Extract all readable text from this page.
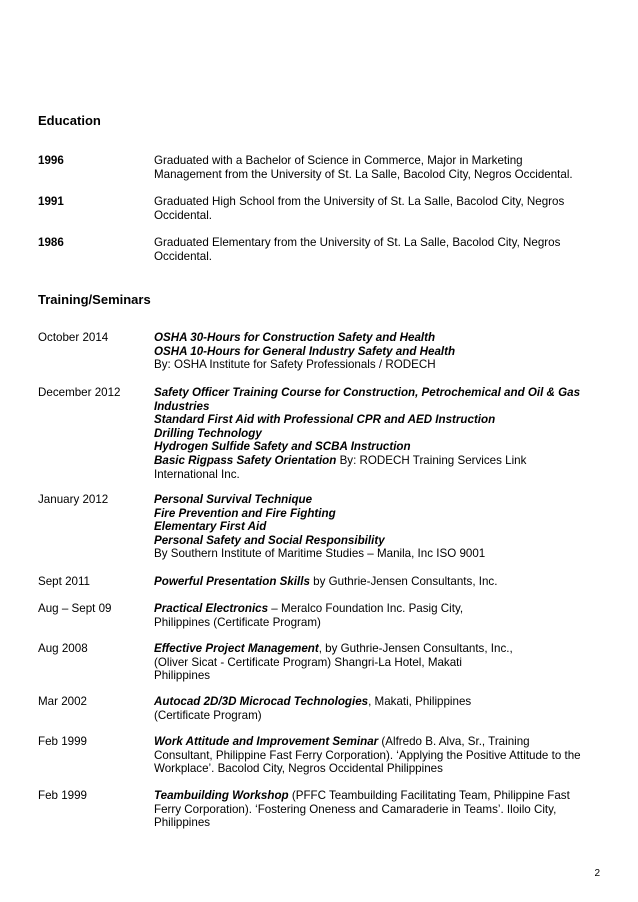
Education
1996	Graduated with a Bachelor of Science in Commerce, Major in Marketing
Management from the University of St. La Salle, Bacolod City, Negros Occidental.
1991	Graduated High School from the University of St. La Salle, Bacolod City, Negros
Occidental.
1986	Graduated Elementary from the University of St. La Salle, Bacolod City, Negros
Occidental.
Training/Seminars
October 2014	OSHA 30-Hours for Construction Safety and Health
OSHA 10-Hours for General Industry Safety and Health
By: OSHA Institute for Safety Professionals / RODECH
December 2012	Safety Officer Training Course for Construction, Petrochemical and Oil & Gas
Industries
Standard First Aid with Professional CPR and AED Instruction
Drilling Technology
Hydrogen Sulfide Safety and SCBA Instruction
Basic Rigpass Safety Orientation By: RODECH Training Services Link
International Inc.
January 2012	Personal Survival Technique
Fire Prevention and Fire Fighting
Elementary First Aid
Personal Safety and Social Responsibility
By Southern Institute of Maritime Studies – Manila, Inc ISO 9001
Sept 2011	Powerful Presentation Skills by Guthrie-Jensen Consultants, Inc.
Aug – Sept 09	Practical Electronics – Meralco Foundation Inc. Pasig City,
Philippines (Certificate Program)
Aug 2008	Effective Project Management, by Guthrie-Jensen Consultants, Inc.,
(Oliver Sicat - Certificate Program) Shangri-La Hotel, Makati
Philippines
Mar 2002	Autocad 2D/3D Microcad Technologies, Makati, Philippines
(Certificate Program)
Feb 1999	Work Attitude and Improvement Seminar (Alfredo B. Alva, Sr., Training
Consultant, Philippine Fast Ferry Corporation). ‘Applying the Positive Attitude to the
Workplace’. Bacolod City, Negros Occidental Philippines
Feb 1999	Teambuilding Workshop (PFFC Teambuilding Facilitating Team, Philippine Fast
Ferry Corporation). ‘Fostering Oneness and Camaraderie in Teams’. Iloilo City,
Philippines
2
